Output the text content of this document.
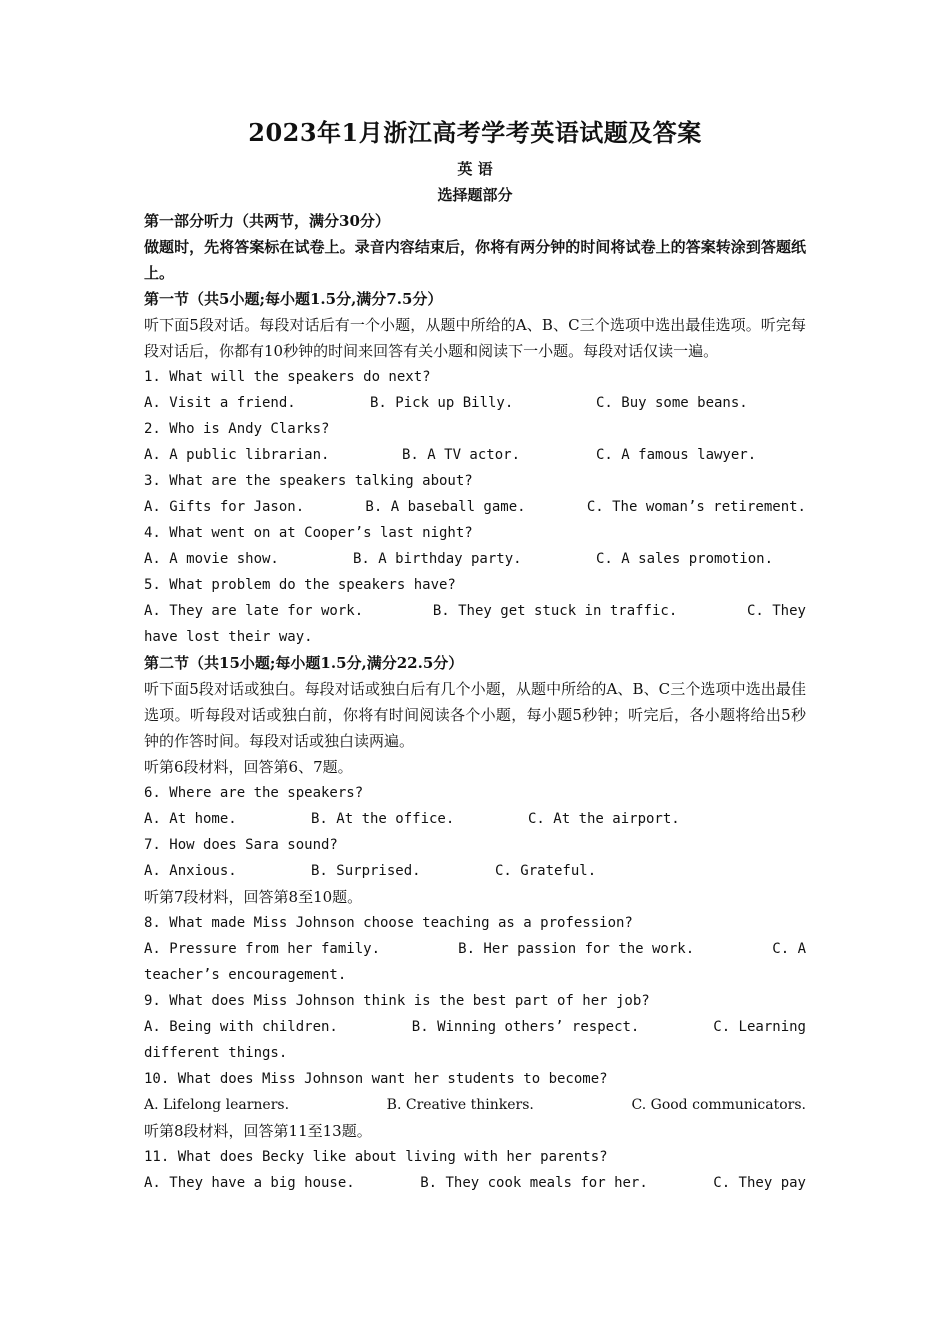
2023年1月浙江高考学考英语试题及答案
英 语
选择题部分
第一部分听力（共两节，满分30分）
做题时，先将答案标在试卷上。录音内容结束后，你将有两分钟的时间将试卷上的答案转涂到答题纸上。
第一节（共5小题;每小题1.5分,满分7.5分）
听下面5段对话。每段对话后有一个小题，从题中所给的A、B、C三个选项中选出最佳选项。听完每段对话后，你都有10秒钟的时间来回答有关小题和阅读下一小题。每段对话仅读一遍。
1. What will the speakers do next?
A. Visit a friend.	B. Pick up Billy.	C. Buy some beans.
2. Who is Andy Clarks?
A. A public librarian.	B. A TV actor.	C. A famous lawyer.
3. What are the speakers talking about?
A. Gifts for Jason.	B. A baseball game.	C. The woman’s retirement.
4. What went on at Cooper’s last night?
A. A movie show.	B. A birthday party.	C. A sales promotion.
5. What problem do the speakers have?
A. They are late for work.	B. They get stuck in traffic.	C. They
have lost their way.
第二节（共15小题;每小题1.5分,满分22.5分）
听下面5段对话或独白。每段对话或独白后有几个小题，从题中所给的A、B、C三个选项中选出最佳选项。听每段对话或独白前，你将有时间阅读各个小题，每小题5秒钟；听完后，各小题将给出5秒钟的作答时间。每段对话或独白读两遍。
听第6段材料，回答第6、7题。
6. Where are the speakers?
A. At home.	B. At the office.	C. At the airport.
7. How does Sara sound?
A. Anxious.	B. Surprised.	C. Grateful.
听第7段材料，回答第8至10题。
8. What made Miss Johnson choose teaching as a profession?
A. Pressure from her family.	B. Her passion for the work.	C. A
teacher’s encouragement.
9. What does Miss Johnson think is the best part of her job?
A. Being with children.	B. Winning others’ respect.	C. Learning
different things.
10. What does Miss Johnson want her students to become?
A. Lifelong learners.	B. Creative thinkers.	C. Good communicators.
听第8段材料，回答第11至13题。
11. What does Becky like about living with her parents?
A. They have a big house.	B. They cook meals for her.	C. They pay
